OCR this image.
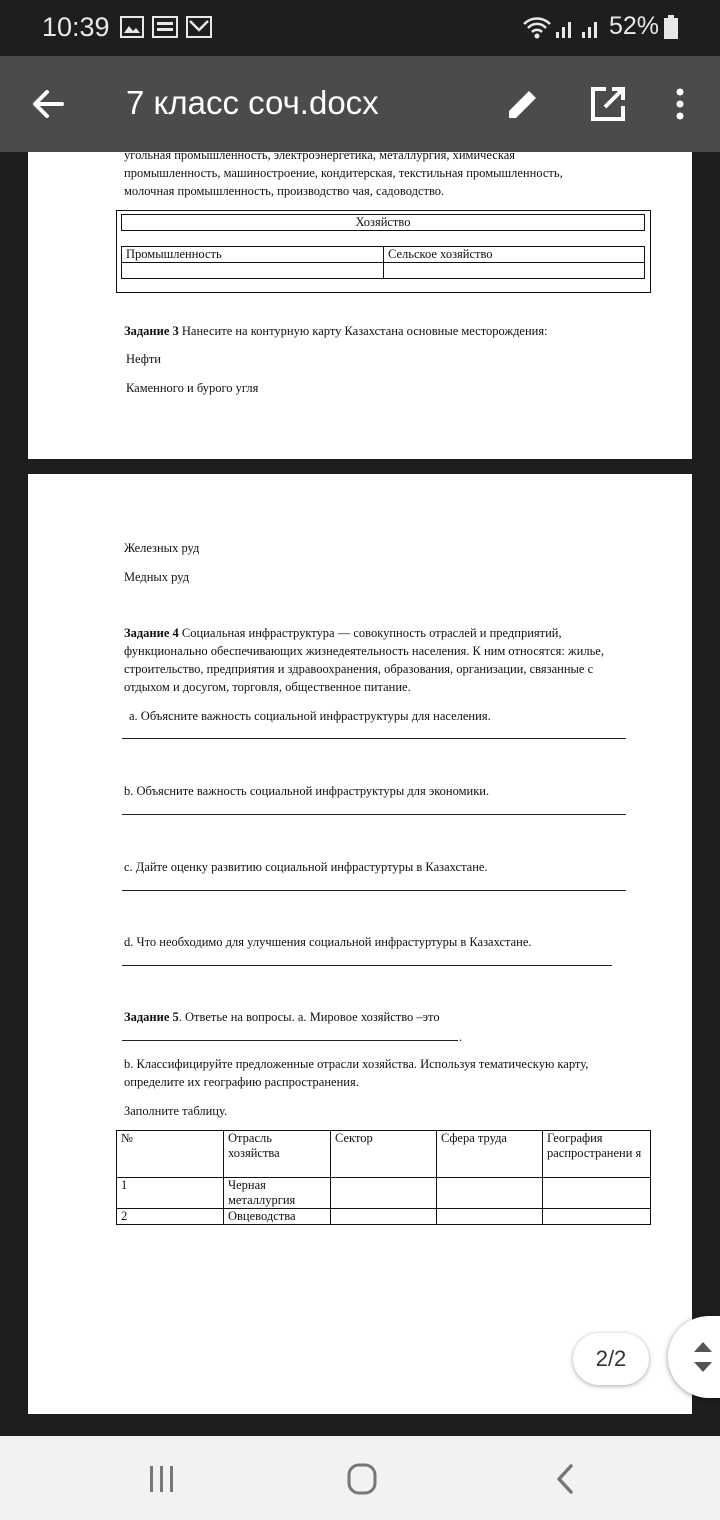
10:39	52%
7 класс соч.docx
угольная промышленность, электроэнергетика, металлургия, химическая
промышленность, машиностроение, кондитерская, текстильная промышленность,
молочная промышленность, производство чая, садоводство.
Хозяйство	

Промышленность	Сельское хозяйство

Задание 3 Нанесите на контурную карту Казахстана основные месторождения:
Нефти
Каменного и бурого угля
Железных руд
Медных руд
Задание 4 Социальная инфраструктура — совокупность отраслей и предприятий,
функционально обеспечивающих жизнедеятельность населения. К ним относятся: жилье,
строительство, предприятия и здравоохранения, образования, организации, связанные с
отдыхом и досугом, торговля, общественное питание.
a. Объясните важность социальной инфраструктуры для населения.
b. Объясните важность социальной инфраструктуры для экономики.
c. Дайте оценку развитию социальной инфрастуртуры в Казахстане.
d. Что необходимо для улучшения социальной инфрастуртуры в Казахстане.
Задание 5. Ответье на вопросы. a. Мировое хозяйство –это
.
b. Классифицируйте предложенные отрасли хозяйства. Используя тематическую карту,
определите их географию распространения.
Заполните таблицу.
№	Отрасль хозяйства	Сектор	Сфера труда	География распространени я
1	Черная металлургия			
2	Овцеводства			
2/2
